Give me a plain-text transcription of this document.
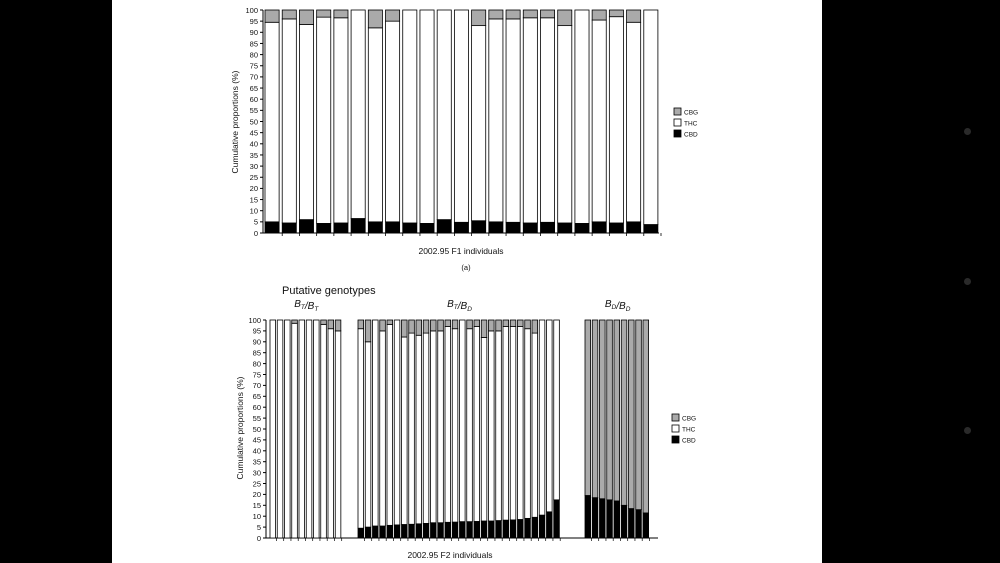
0
5
10
15
20
25
30
35
40
45
50
55
60
65
70
75
80
85
90
95
100
Cumulative proportions (%)
2002.95 F1 individuals
(a)
CBG
THC
CBD
0
5
10
15
20
25
30
35
40
45
50
55
60
65
70
75
80
85
90
95
100
$B_T/B_T$	$B_T/B_D$	$B_D/B_D$
Putative genotypes
Cumulative proportions (%)
2002.95 F2 individuals
CBG
THC
CBD
